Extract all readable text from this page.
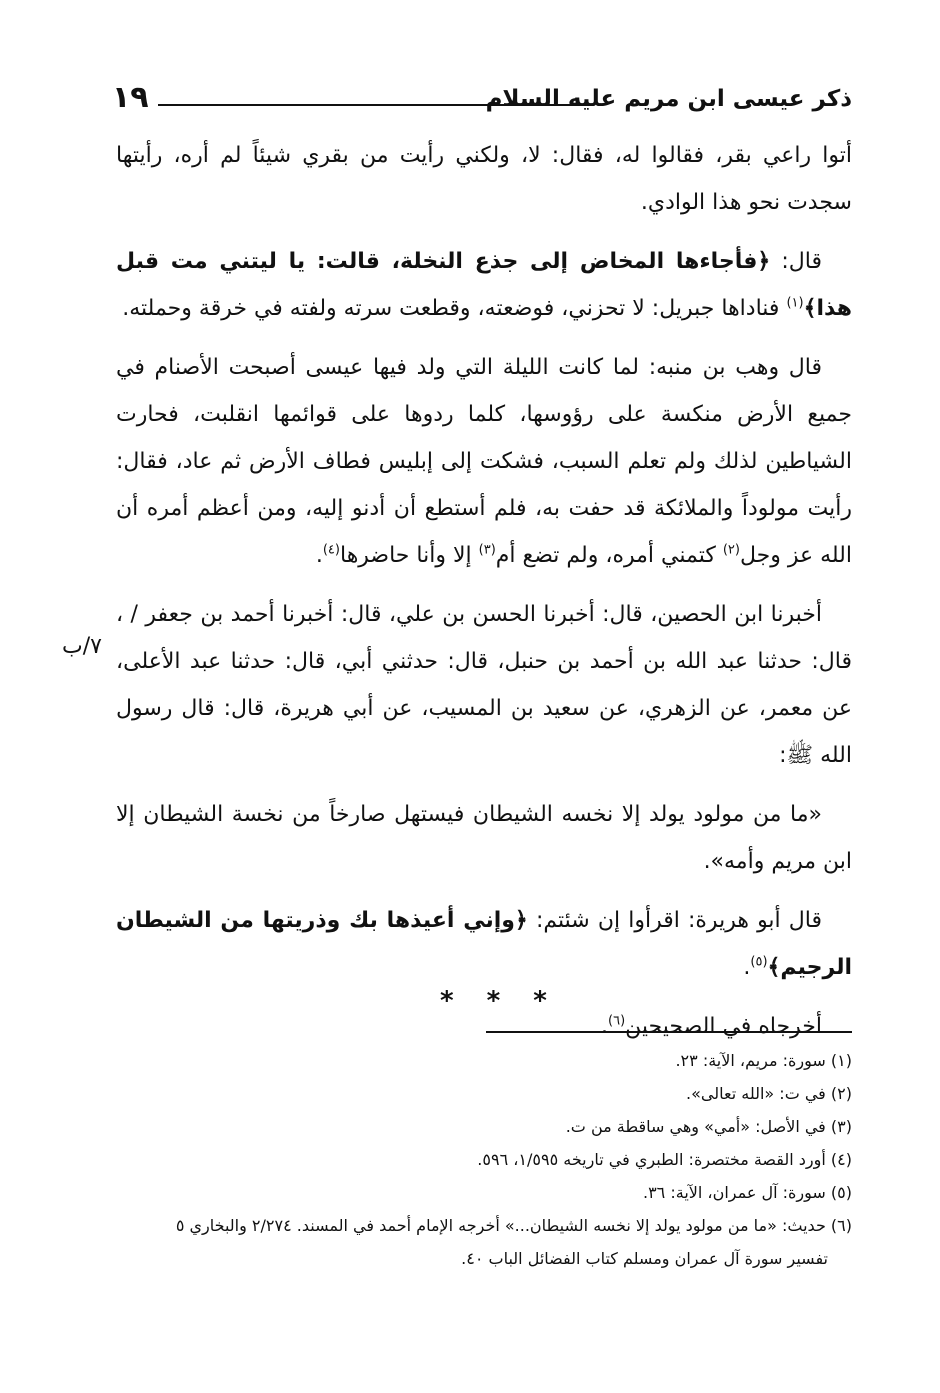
ذكر عيسى ابن مريم عليه السلام
١٩

أتوا راعي بقر، فقالوا له، فقال: لا، ولكني رأيت من بقري شيئاً لم أره، رأيتها سجدت نحو هذا الوادي.

قال: ﴿فأجاءها المخاض إلى جذع النخلة، قالت: يا ليتني مت قبل هذا﴾$^{(١)}$ فناداها جبريل: لا تحزني، فوضعته، وقطعت سرته ولفته في خرقة وحملته.

قال وهب بن منبه: لما كانت الليلة التي ولد فيها عيسى أصبحت الأصنام في جميع الأرض منكسة على رؤوسها، كلما ردوها على قوائمها انقلبت، فحارت الشياطين لذلك ولم تعلم السبب، فشكت إلى إبليس فطاف الأرض ثم عاد، فقال: رأيت مولوداً والملائكة قد حفت به، فلم أستطع أن أدنو إليه، ومن أعظم أمره أن الله عز وجل$^{(٢)}$ كتمني أمره، ولم تضع أم$^{(٣)}$ إلا وأنا حاضرها$^{(٤)}$.

أخبرنا ابن الحصين، قال: أخبرنا الحسن بن علي، قال: أخبرنا أحمد بن جعفر / ، قال: حدثنا عبد الله بن أحمد بن حنبل، قال: حدثني أبي، قال: حدثنا عبد الأعلى، عن معمر، عن الزهري، عن سعيد بن المسيب، عن أبي هريرة، قال: قال رسول الله ﷺ:

«ما من مولود يولد إلا نخسه الشيطان فيستهل صارخاً من نخسة الشيطان إلا ابن مريم وأمه».

قال أبو هريرة: اقرأوا إن شئتم: ﴿وإني أعيذها بك وذريتها من الشيطان الرجيم﴾$^{(٥)}$.

أخرجاه في الصحيحين$^{(٦)}$.

٧/ب
* * *
(١) سورة: مريم، الآية: ٢٣.
(٢) في ت: «الله تعالى».
(٣) في الأصل: «أمي» وهي ساقطة من ت.
(٤) أورد القصة مختصرة: الطبري في تاريخه ١/٥٩٥، ٥٩٦.
(٥) سورة: آل عمران، الآية: ٣٦.
(٦) حديث: «ما من مولود يولد إلا نخسه الشيطان...» أخرجه الإمام أحمد في المسند. ٢/٢٧٤ والبخاري ٥
تفسير سورة آل عمران ومسلم كتاب الفضائل الباب ٤٠.
